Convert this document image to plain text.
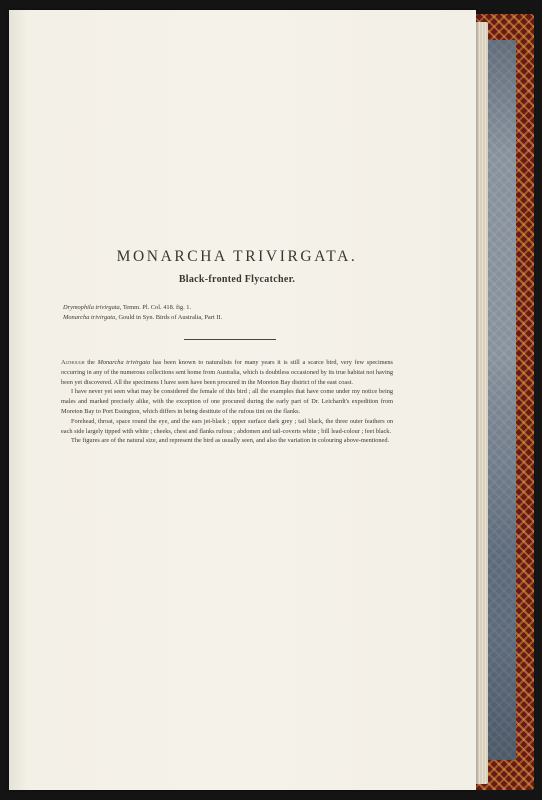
MONARCHA TRIVIRGATA.
Black-fronted Flycatcher.
Drymophila trivirgata, Temm. Pl. Col. 418. fig. 1.
Monarcha trivirgata, Gould in Syn. Birds of Australia, Part II.
Although the Monarcha trivirgata has been known to naturalists for many years it is still a scarce bird, very few specimens occurring in any of the numerous collections sent home from Australia, which is doubtless occasioned by its true habitat not having been yet discovered. All the specimens I have seen have been procured in the Moreton Bay district of the east coast.
I have never yet seen what may be considered the female of this bird ; all the examples that have come under my notice being males and marked precisely alike, with the exception of one procured during the early part of Dr. Leichardt's expedition from Moreton Bay to Port Essington, which differs in being destitute of the rufous tint on the flanks.
Forehead, throat, space round the eye, and the ears jet-black ; upper surface dark grey ; tail black, the three outer feathers on each side largely tipped with white ; cheeks, chest and flanks rufous ; abdomen and tail-coverts white ; bill lead-colour ; feet black.
The figures are of the natural size, and represent the bird as usually seen, and also the variation in colouring above-mentioned.
